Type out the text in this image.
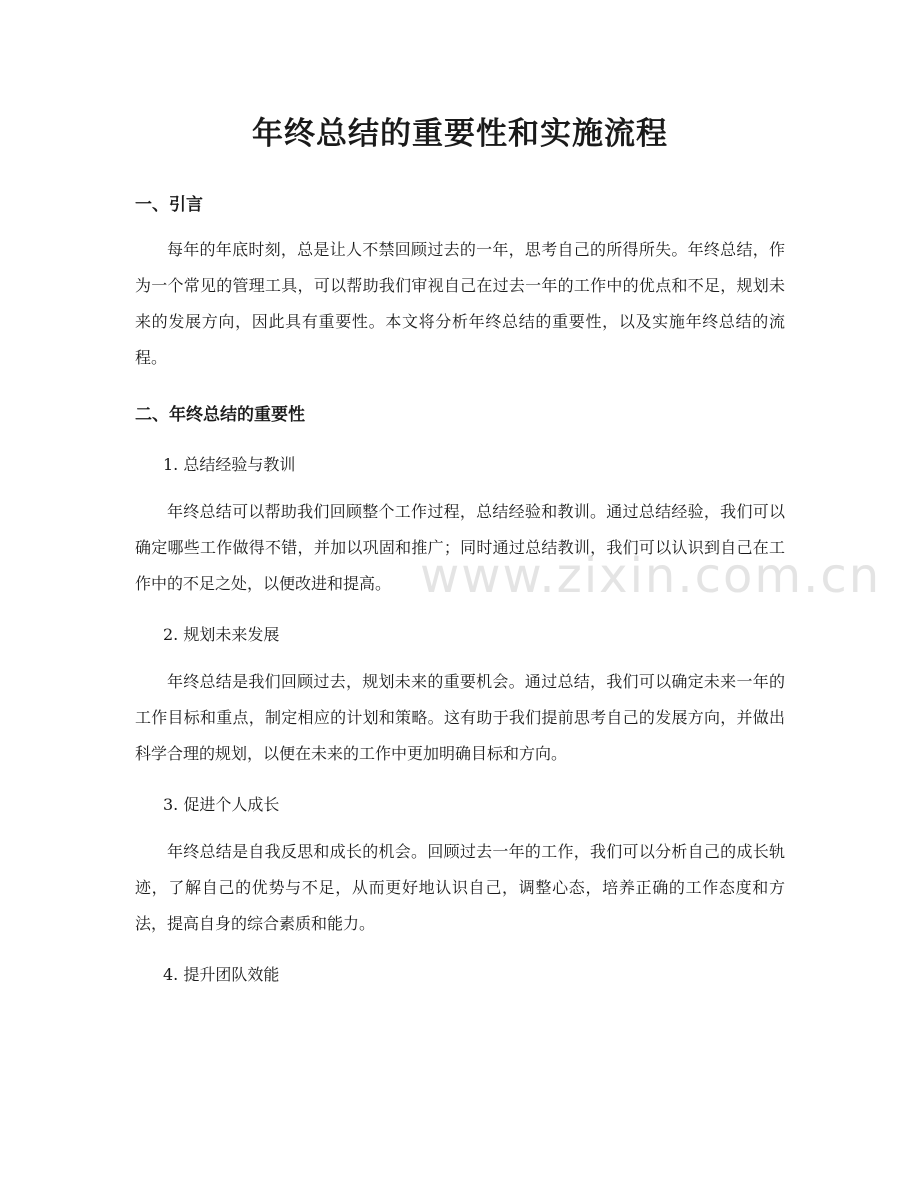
年终总结的重要性和实施流程
一、引言

每年的年底时刻，总是让人不禁回顾过去的一年，思考自己的所得所失。年终总结，作为一个常见的管理工具，可以帮助我们审视自己在过去一年的工作中的优点和不足，规划未来的发展方向，因此具有重要性。本文将分析年终总结的重要性，以及实施年终总结的流程。

二、年终总结的重要性

1. 总结经验与教训

年终总结可以帮助我们回顾整个工作过程，总结经验和教训。通过总结经验，我们可以确定哪些工作做得不错，并加以巩固和推广；同时通过总结教训，我们可以认识到自己在工作中的不足之处，以便改进和提高。

2. 规划未来发展

年终总结是我们回顾过去，规划未来的重要机会。通过总结，我们可以确定未来一年的工作目标和重点，制定相应的计划和策略。这有助于我们提前思考自己的发展方向，并做出科学合理的规划，以便在未来的工作中更加明确目标和方向。

3. 促进个人成长

年终总结是自我反思和成长的机会。回顾过去一年的工作，我们可以分析自己的成长轨迹，了解自己的优势与不足，从而更好地认识自己，调整心态，培养正确的工作态度和方法，提高自身的综合素质和能力。

4. 提升团队效能

www.zixin.com.cn
